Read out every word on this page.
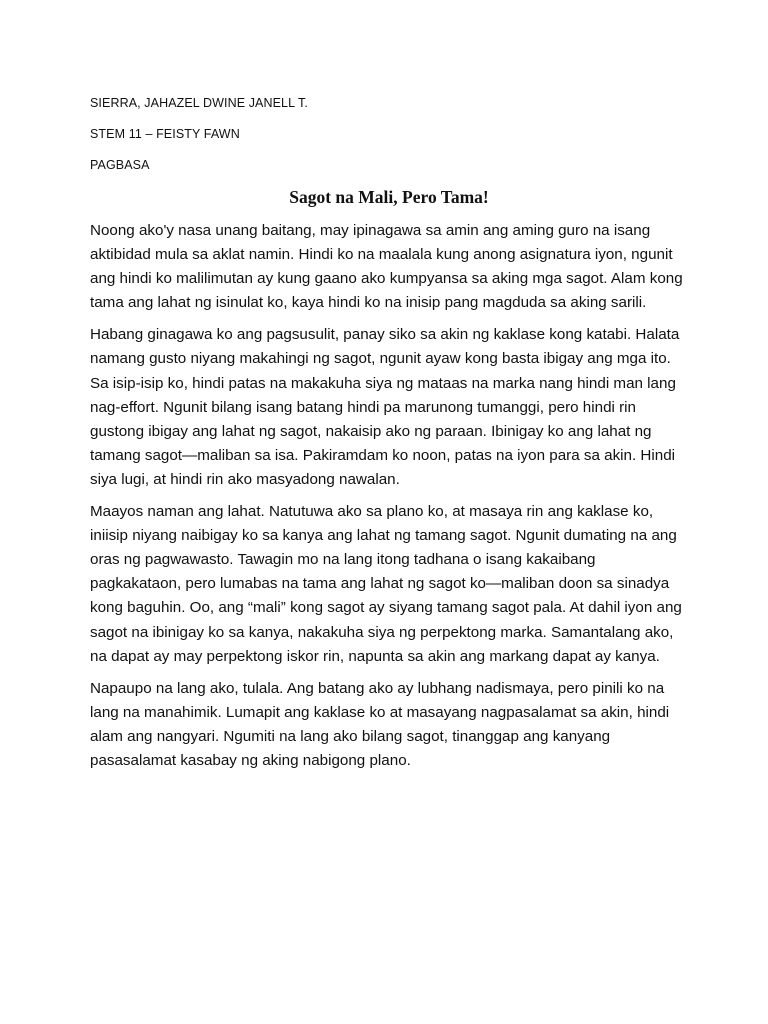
SIERRA, JAHAZEL DWINE JANELL T.

STEM 11 – FEISTY FAWN

PAGBASA

Sagot na Mali, Pero Tama!

Noong ako'y nasa unang baitang, may ipinagawa sa amin ang aming guro na isang aktibidad mula sa aklat namin. Hindi ko na maalala kung anong asignatura iyon, ngunit ang hindi ko malilimutan ay kung gaano ako kumpyansa sa aking mga sagot. Alam kong tama ang lahat ng isinulat ko, kaya hindi ko na inisip pang magduda sa aking sarili.

Habang ginagawa ko ang pagsusulit, panay siko sa akin ng kaklase kong katabi. Halata namang gusto niyang makahingi ng sagot, ngunit ayaw kong basta ibigay ang mga ito. Sa isip-isip ko, hindi patas na makakuha siya ng mataas na marka nang hindi man lang nag-effort. Ngunit bilang isang batang hindi pa marunong tumanggi, pero hindi rin gustong ibigay ang lahat ng sagot, nakaisip ako ng paraan. Ibinigay ko ang lahat ng tamang sagot—maliban sa isa. Pakiramdam ko noon, patas na iyon para sa akin. Hindi siya lugi, at hindi rin ako masyadong nawalan.

Maayos naman ang lahat. Natutuwa ako sa plano ko, at masaya rin ang kaklase ko, iniisip niyang naibigay ko sa kanya ang lahat ng tamang sagot. Ngunit dumating na ang oras ng pagwawasto. Tawagin mo na lang itong tadhana o isang kakaibang pagkakataon, pero lumabas na tama ang lahat ng sagot ko—maliban doon sa sinadya kong baguhin. Oo, ang “mali” kong sagot ay siyang tamang sagot pala. At dahil iyon ang sagot na ibinigay ko sa kanya, nakakuha siya ng perpektong marka. Samantalang ako, na dapat ay may perpektong iskor rin, napunta sa akin ang markang dapat ay kanya.

Napaupo na lang ako, tulala. Ang batang ako ay lubhang nadismaya, pero pinili ko na lang na manahimik. Lumapit ang kaklase ko at masayang nagpasalamat sa akin, hindi alam ang nangyari. Ngumiti na lang ako bilang sagot, tinanggap ang kanyang pasasalamat kasabay ng aking nabigong plano.
